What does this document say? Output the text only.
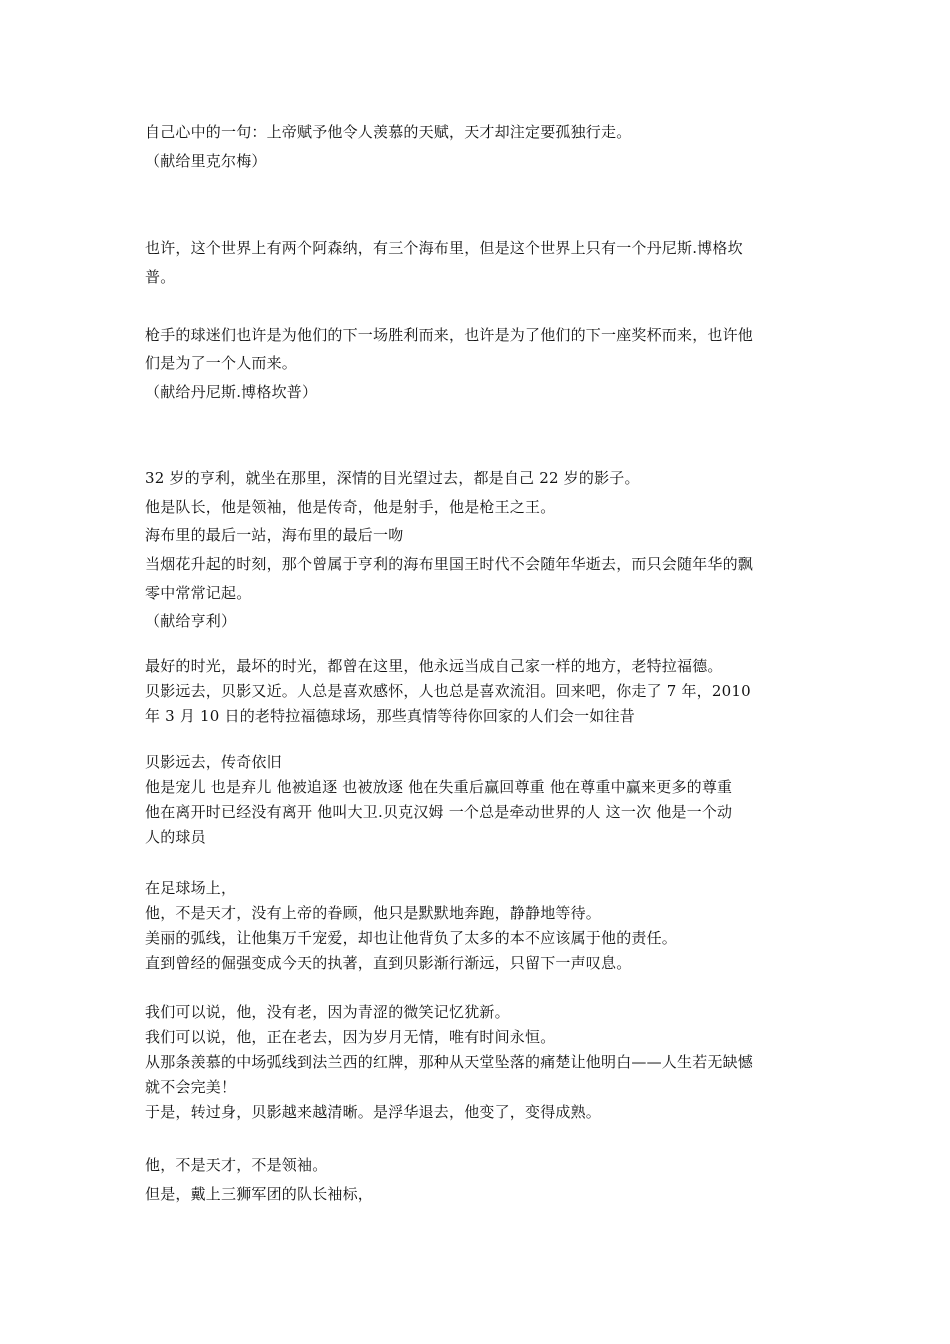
自己心中的一句：上帝赋予他令人羡慕的天赋，天才却注定要孤独行走。
（献给里克尔梅）
也许，这个世界上有两个阿森纳，有三个海布里，但是这个世界上只有一个丹尼斯.博格坎
普。
枪手的球迷们也许是为他们的下一场胜利而来，也许是为了他们的下一座奖杯而来，也许他
们是为了一个人而来。
（献给丹尼斯.博格坎普）
32 岁的亨利，就坐在那里，深情的目光望过去，都是自己 22 岁的影子。
他是队长，他是领袖，他是传奇，他是射手，他是枪王之王。
海布里的最后一站，海布里的最后一吻
当烟花升起的时刻，那个曾属于亨利的海布里国王时代不会随年华逝去，而只会随年华的飘
零中常常记起。
（献给亨利）
最好的时光，最坏的时光，都曾在这里，他永远当成自己家一样的地方，老特拉福德。
贝影远去，贝影又近。人总是喜欢感怀，人也总是喜欢流泪。回来吧，你走了 7 年，2010
年 3 月 10 日的老特拉福德球场，那些真情等待你回家的人们会一如往昔
贝影远去，传奇依旧
他是宠儿 也是弃儿 他被追逐 也被放逐 他在失重后赢回尊重 他在尊重中赢来更多的尊重
他在离开时已经没有离开 他叫大卫.贝克汉姆 一个总是牵动世界的人 这一次 他是一个动
人的球员
在足球场上，
他，不是天才，没有上帝的眷顾，他只是默默地奔跑，静静地等待。
美丽的弧线，让他集万千宠爱，却也让他背负了太多的本不应该属于他的责任。
直到曾经的倔强变成今天的执著，直到贝影渐行渐远，只留下一声叹息。
我们可以说，他，没有老，因为青涩的微笑记忆犹新。
我们可以说，他，正在老去，因为岁月无情，唯有时间永恒。
从那条羡慕的中场弧线到法兰西的红牌，那种从天堂坠落的痛楚让他明白——人生若无缺憾
就不会完美！
于是，转过身，贝影越来越清晰。是浮华退去，他变了，变得成熟。
他，不是天才，不是领袖。
但是，戴上三狮军团的队长袖标，
